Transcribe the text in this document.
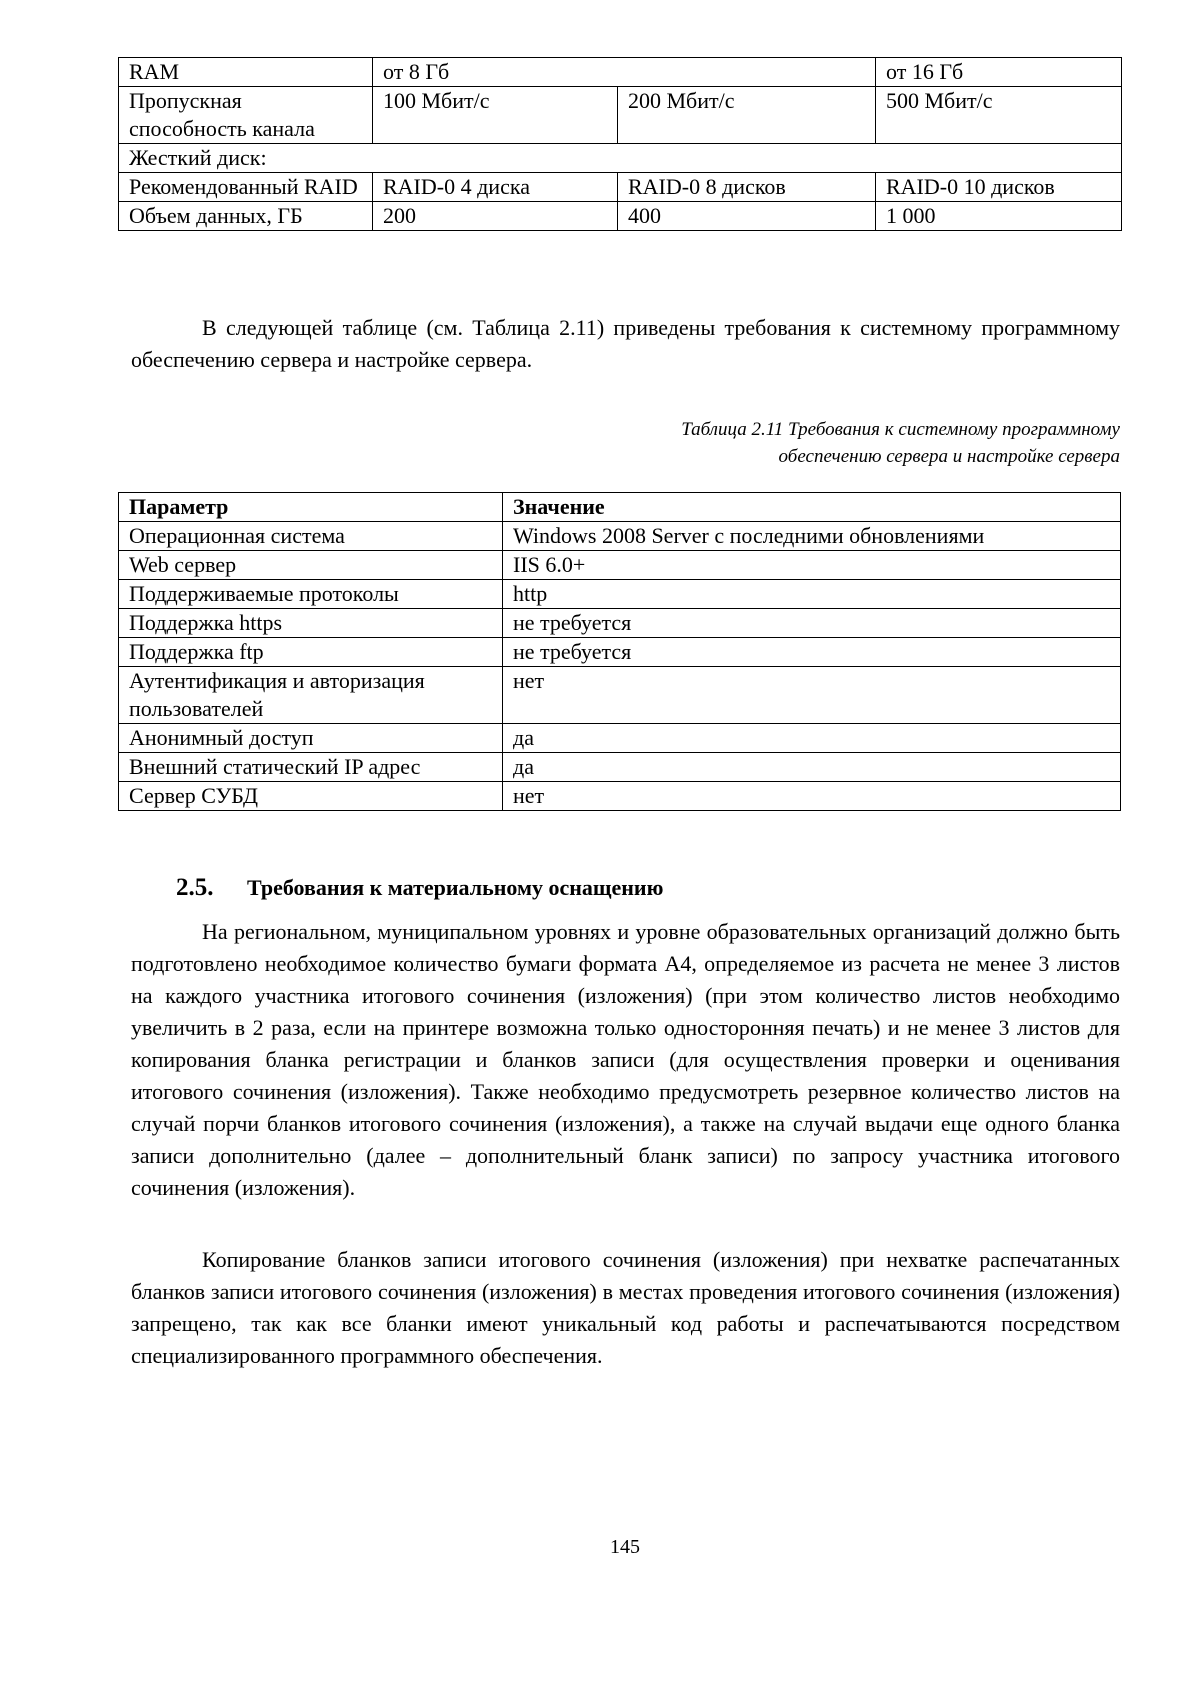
RAM	от 8 Гб		от 16 Гб
Пропускная способность канала	100 Мбит/с	200 Мбит/с	500 Мбит/с
Жесткий диск:			
Рекомендованный RAID	RAID-0 4 диска	RAID-0 8 дисков	RAID-0 10 дисков
Объем данных, ГБ	200	400	1 000

В следующей таблице (см. Таблица 2.11) приведены требования к системному программному обеспечению сервера и настройке сервера.

Таблица 2.11 Требования к системному программному
обеспечению сервера и настройке сервера
Параметр	Значение
Операционная система	Windows 2008 Server с последними обновлениями
Web сервер	IIS 6.0+
Поддерживаемые протоколы	http
Поддержка https	не требуется
Поддержка ftp	не требуется
Аутентификация и авторизация пользователей	нет
Анонимный доступ	да
Внешний статический IP адрес	да
Сервер СУБД	нет
2.5. Требования к материальному оснащению

На региональном, муниципальном уровнях и уровне образовательных организаций должно быть подготовлено необходимое количество бумаги формата А4, определяемое из расчета не менее 3 листов на каждого участника итогового сочинения (изложения) (при этом количество листов необходимо увеличить в 2 раза, если на принтере возможна только односторонняя печать) и не менее 3 листов для копирования бланка регистрации и бланков записи (для осуществления проверки и оценивания итогового сочинения (изложения). Также необходимо предусмотреть резервное количество листов на случай порчи бланков итогового сочинения (изложения), а также на случай выдачи еще одного бланка записи дополнительно (далее – дополнительный бланк записи) по запросу участника итогового сочинения (изложения).

Копирование бланков записи итогового сочинения (изложения) при нехватке распечатанных бланков записи итогового сочинения (изложения) в местах проведения итогового сочинения (изложения) запрещено, так как все бланки имеют уникальный код работы и распечатываются посредством специализированного программного обеспечения.

145
